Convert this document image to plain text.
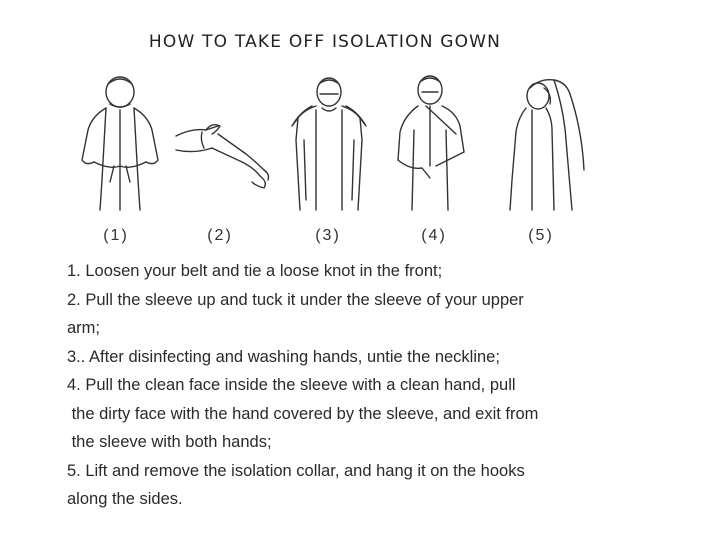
HOW TO TAKE OFF ISOLATION GOWN
(1)	(2)	(3)	(4)	(5)
1. Loosen your belt and tie a loose knot in the front;
2. Pull the sleeve up and tuck it under the sleeve of your upper
arm;
3.. After disinfecting and washing hands, untie the neckline;
4. Pull the clean face inside the sleeve with a clean hand, pull
the dirty face with the hand covered by the sleeve, and exit from
the sleeve with both hands;
5. Lift and remove the isolation collar, and hang it on the hooks
along the sides.
